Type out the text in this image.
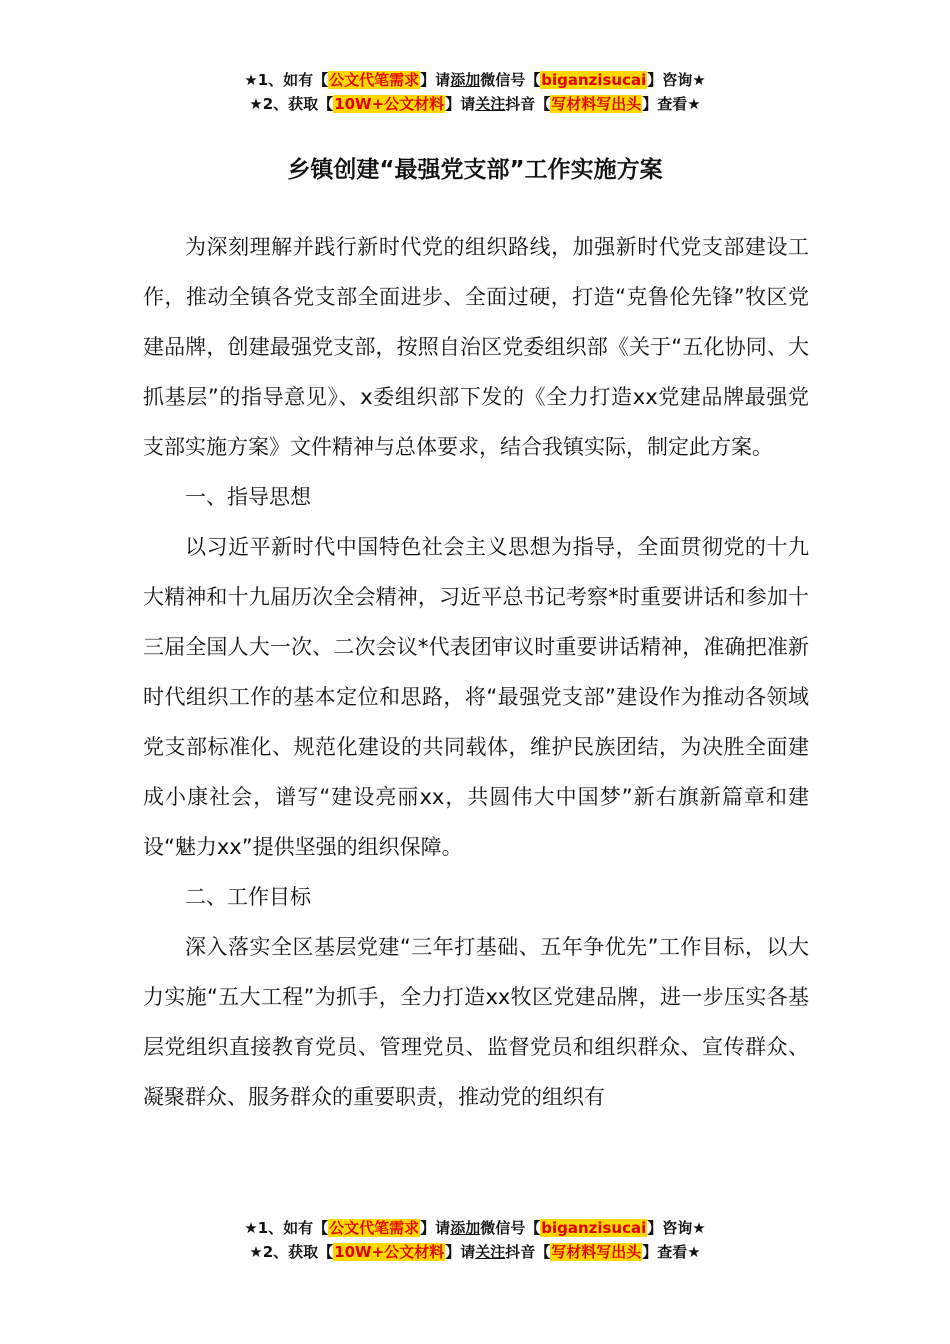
★1、如有【公文代笔需求】请添加微信号【biganzisucai】咨询★
★2、获取【10W+公文材料】请关注抖音【写材料写出头】查看★
乡镇创建“最强党支部”工作实施方案

为深刻理解并践行新时代党的组织路线，加强新时代党支部建设工作，推动全镇各党支部全面进步、全面过硬，打造“克鲁伦先锋”牧区党建品牌，创建最强党支部，按照自治区党委组织部《关于“五化协同、大抓基层”的指导意见》、x委组织部下发的《全力打造xx党建品牌最强党支部实施方案》文件精神与总体要求，结合我镇实际，制定此方案。

一、指导思想

以习近平新时代中国特色社会主义思想为指导，全面贯彻党的十九大精神和十九届历次全会精神，习近平总书记考察*时重要讲话和参加十三届全国人大一次、二次会议*代表团审议时重要讲话精神，准确把准新时代组织工作的基本定位和思路，将“最强党支部”建设作为推动各领域党支部标准化、规范化建设的共同载体，维护民族团结，为决胜全面建成小康社会，谱写“建设亮丽xx，共圆伟大中国梦”新右旗新篇章和建设“魅力xx”提供坚强的组织保障。

二、工作目标

深入落实全区基层党建“三年打基础、五年争优先”工作目标，以大力实施“五大工程”为抓手，全力打造xx牧区党建品牌，进一步压实各基层党组织直接教育党员、管理党员、监督党员和组织群众、宣传群众、凝聚群众、服务群众的重要职责，推动党的组织有

★1、如有【公文代笔需求】请添加微信号【biganzisucai】咨询★
★2、获取【10W+公文材料】请关注抖音【写材料写出头】查看★
